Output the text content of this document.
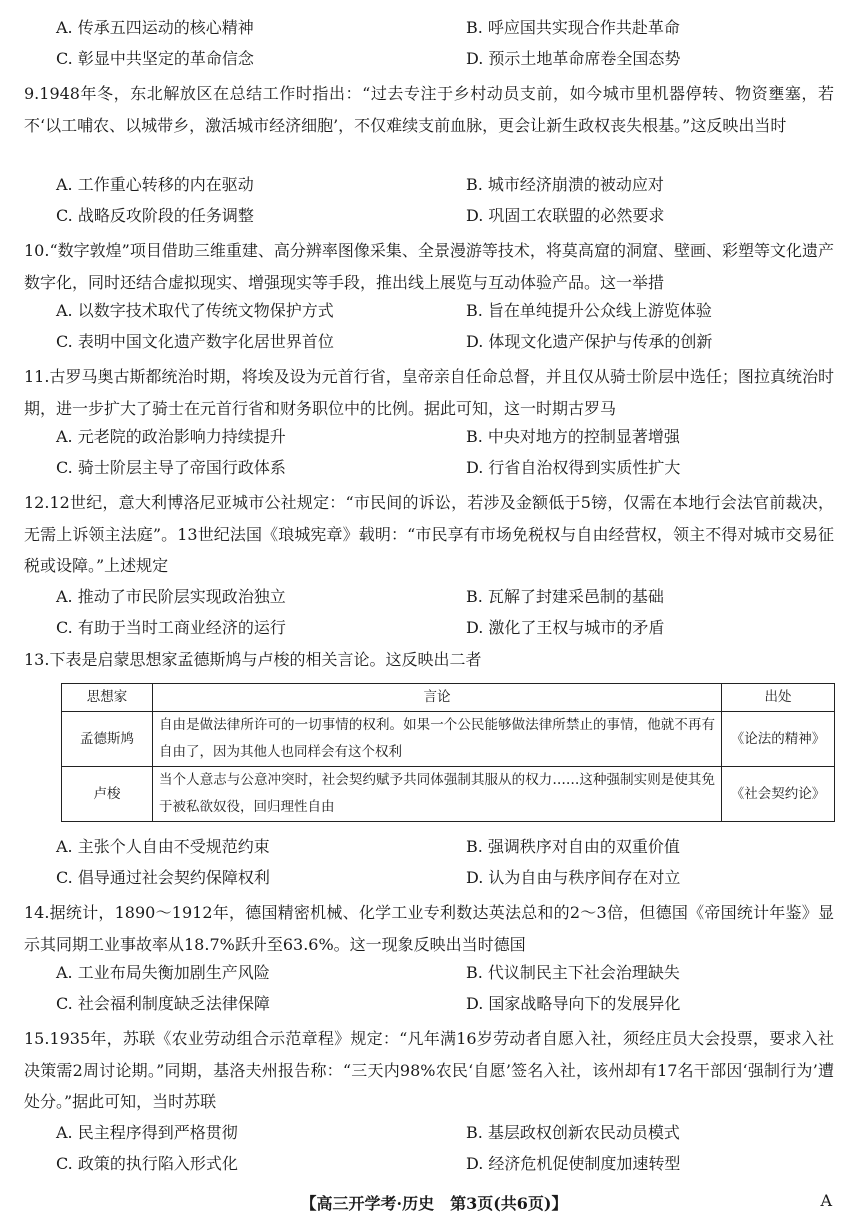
A. 传承五四运动的核心精神	B. 呼应国共实现合作共赴革命
C. 彰显中共坚定的革命信念	D. 预示土地革命席卷全国态势
9.1948年冬，东北解放区在总结工作时指出：“过去专注于乡村动员支前，如今城市里机器停转、物资壅塞，若不‘以工哺农、以城带乡，激活城市经济细胞’，不仅难续支前血脉，更会让新生政权丧失根基。”这反映出当时
A. 工作重心转移的内在驱动	B. 城市经济崩溃的被动应对
C. 战略反攻阶段的任务调整	D. 巩固工农联盟的必然要求
10.“数字敦煌”项目借助三维重建、高分辨率图像采集、全景漫游等技术，将莫高窟的洞窟、壁画、彩塑等文化遗产数字化，同时还结合虚拟现实、增强现实等手段，推出线上展览与互动体验产品。这一举措
A. 以数字技术取代了传统文物保护方式	B. 旨在单纯提升公众线上游览体验
C. 表明中国文化遗产数字化居世界首位	D. 体现文化遗产保护与传承的创新
11.古罗马奥古斯都统治时期，将埃及设为元首行省，皇帝亲自任命总督，并且仅从骑士阶层中选任；图拉真统治时期，进一步扩大了骑士在元首行省和财务职位中的比例。据此可知，这一时期古罗马
A. 元老院的政治影响力持续提升	B. 中央对地方的控制显著增强
C. 骑士阶层主导了帝国行政体系	D. 行省自治权得到实质性扩大
12.12世纪，意大利博洛尼亚城市公社规定：“市民间的诉讼，若涉及金额低于5镑，仅需在本地行会法官前裁决，无需上诉领主法庭”。13世纪法国《琅城宪章》载明：“市民享有市场免税权与自由经营权，领主不得对城市交易征税或设障。”上述规定
A. 推动了市民阶层实现政治独立	B. 瓦解了封建采邑制的基础
C. 有助于当时工商业经济的运行	D. 激化了王权与城市的矛盾
13.下表是启蒙思想家孟德斯鸠与卢梭的相关言论。这反映出二者
思想家	言论	出处
孟德斯鸠	自由是做法律所许可的一切事情的权利。如果一个公民能够做法律所禁止的事情，他就不再有自由了，因为其他人也同样会有这个权利	《论法的精神》
卢梭	当个人意志与公意冲突时，社会契约赋予共同体强制其服从的权力……这种强制实则是使其免于被私欲奴役，回归理性自由	《社会契约论》
A. 主张个人自由不受规范约束	B. 强调秩序对自由的双重价值
C. 倡导通过社会契约保障权利	D. 认为自由与秩序间存在对立
14.据统计，1890～1912年，德国精密机械、化学工业专利数达英法总和的2～3倍，但德国《帝国统计年鉴》显示其同期工业事故率从18.7%跃升至63.6%。这一现象反映出当时德国
A. 工业布局失衡加剧生产风险	B. 代议制民主下社会治理缺失
C. 社会福利制度缺乏法律保障	D. 国家战略导向下的发展异化
15.1935年，苏联《农业劳动组合示范章程》规定：“凡年满16岁劳动者自愿入社，须经庄员大会投票，要求入社决策需2周讨论期。”同期，基洛夫州报告称：“三天内98%农民‘自愿’签名入社，该州却有17名干部因‘强制行为’遭处分。”据此可知，当时苏联
A. 民主程序得到严格贯彻	B. 基层政权创新农民动员模式
C. 政策的执行陷入形式化	D. 经济危机促使制度加速转型
【高三开学考·历史　第3页(共6页)】	A
